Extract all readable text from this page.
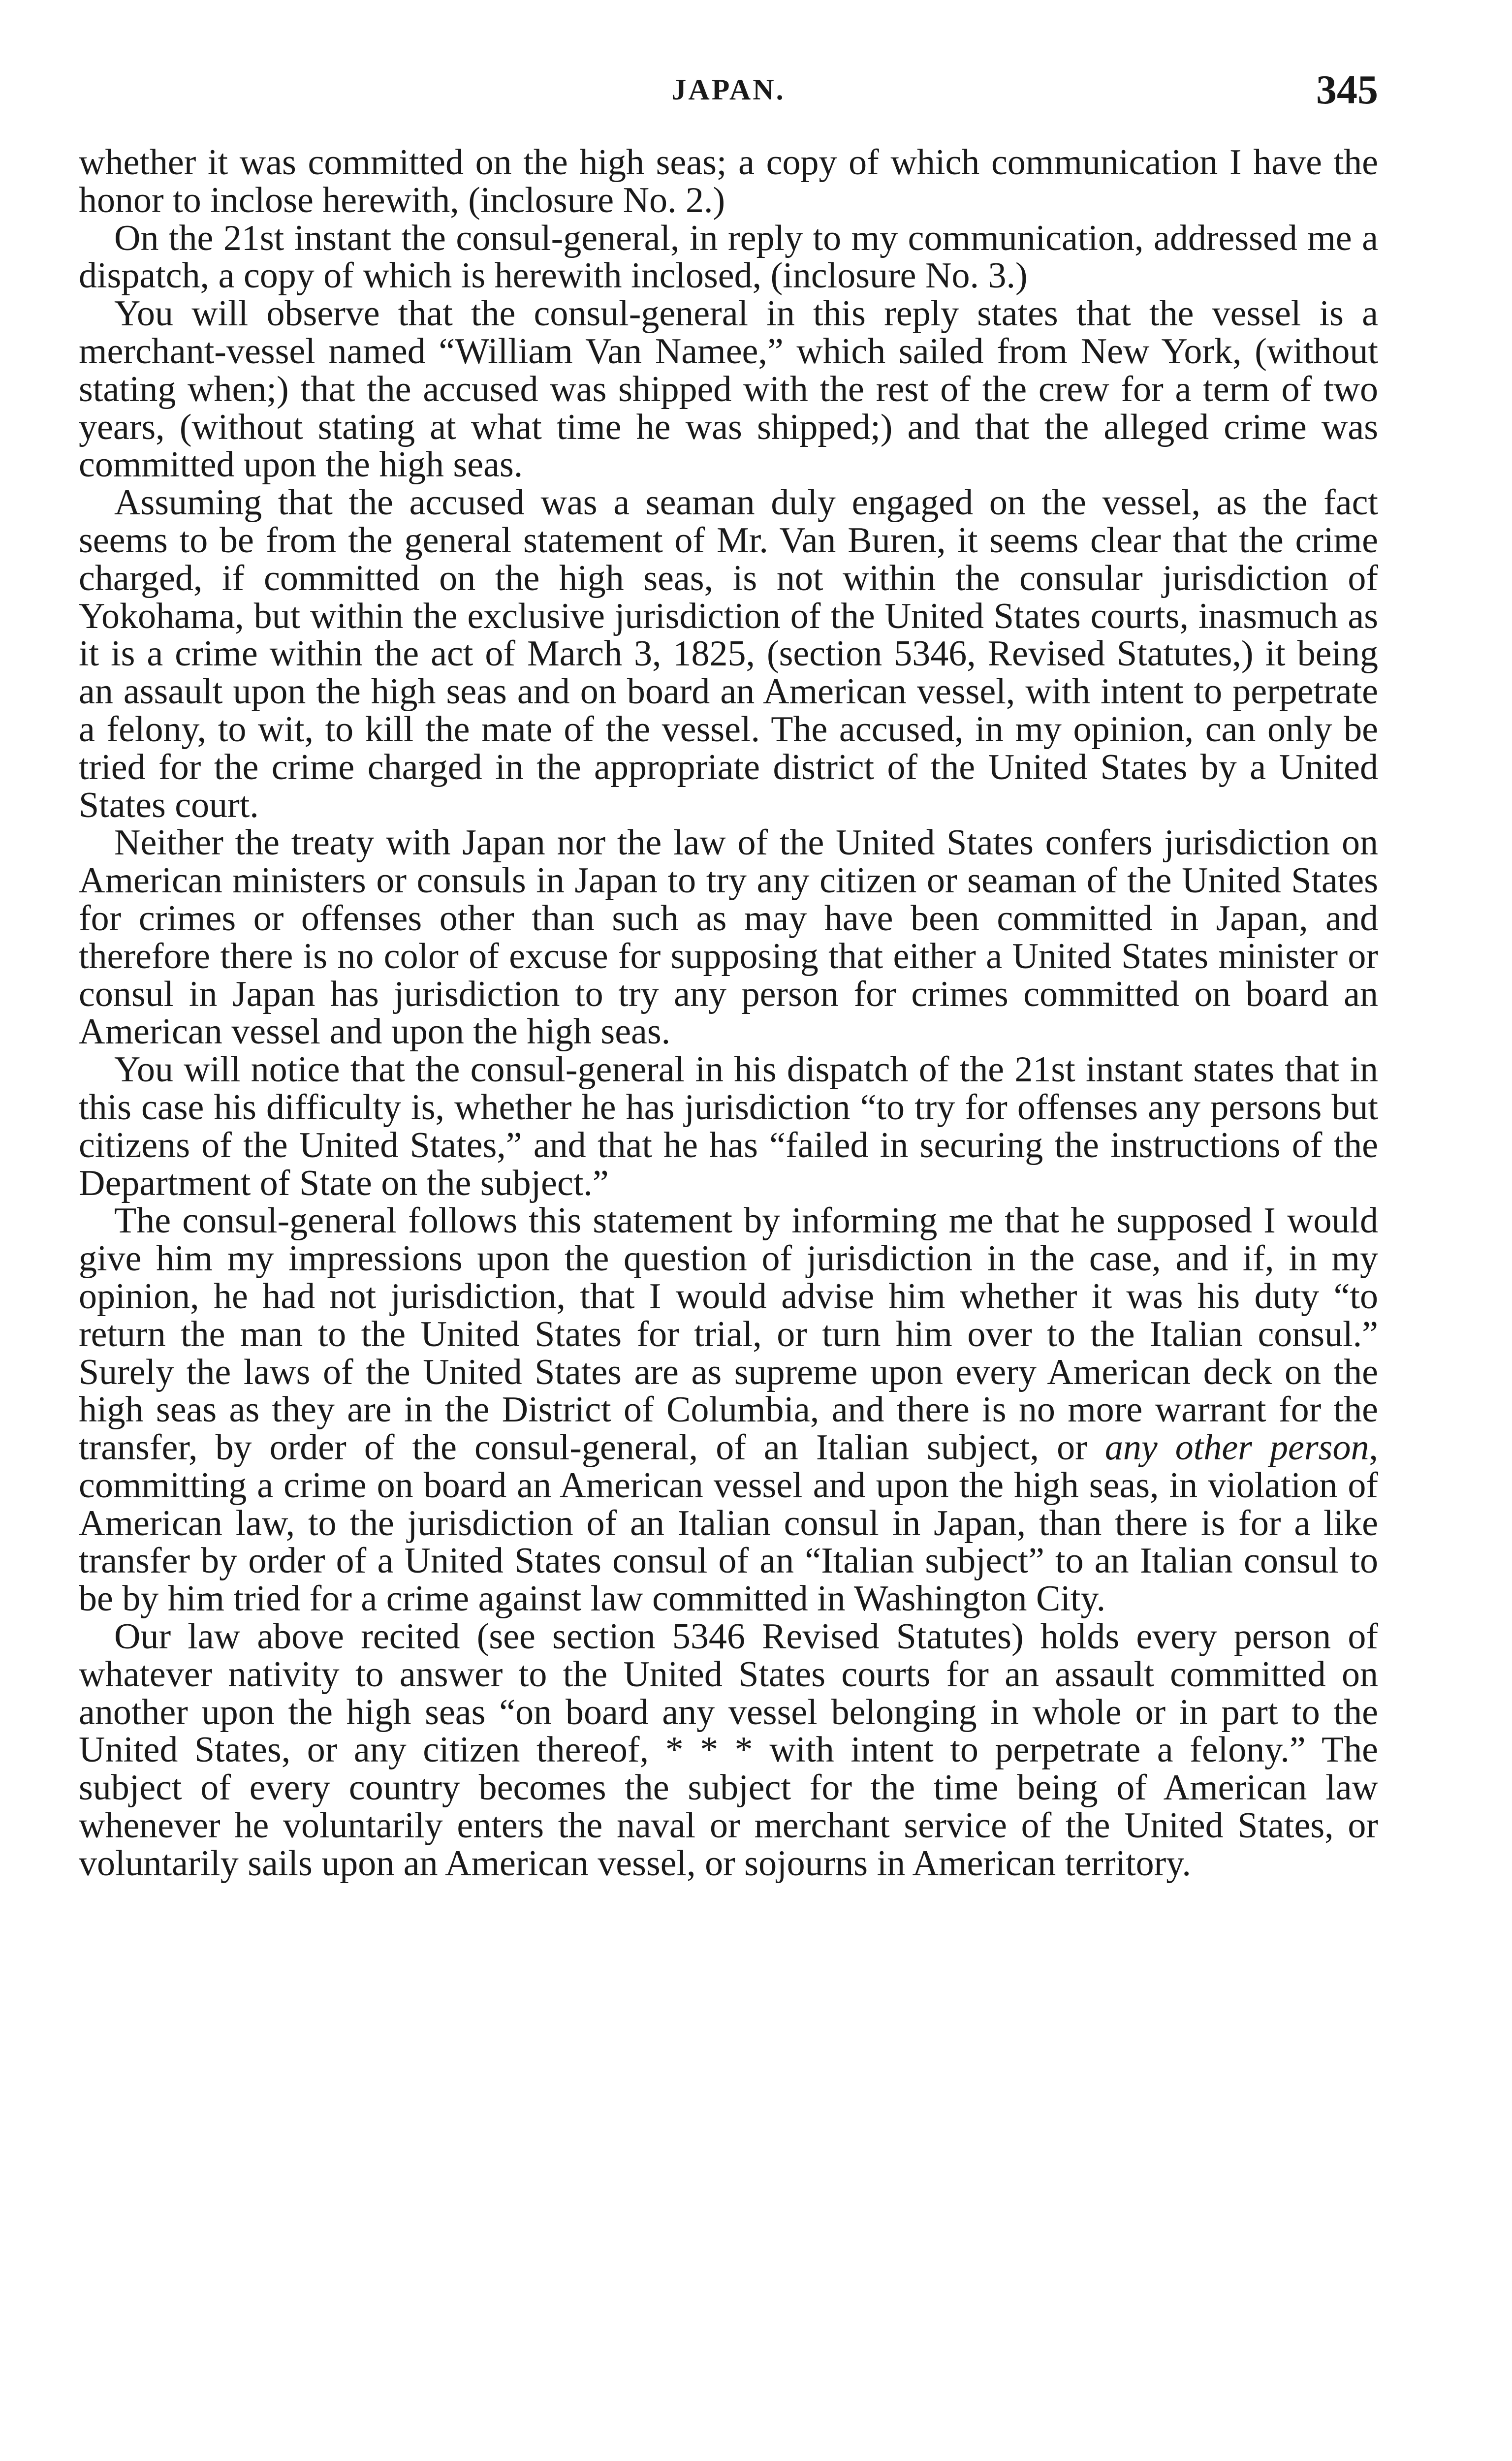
JAPAN.	345

whether it was committed on the high seas; a copy of which communication I have the honor to inclose herewith, (inclosure No. 2.)

On the 21st instant the consul-general, in reply to my communication, addressed me a dispatch, a copy of which is herewith inclosed, (inclosure No. 3.)

You will observe that the consul-general in this reply states that the vessel is a merchant-vessel named “William Van Namee,” which sailed from New York, (without stating when;) that the accused was shipped with the rest of the crew for a term of two years, (without stating at what time he was shipped;) and that the alleged crime was committed upon the high seas.

Assuming that the accused was a seaman duly engaged on the vessel, as the fact seems to be from the general statement of Mr. Van Buren, it seems clear that the crime charged, if committed on the high seas, is not within the consular jurisdiction of Yokohama, but within the exclusive jurisdiction of the United States courts, inasmuch as it is a crime within the act of March 3, 1825, (section 5346, Revised Statutes,) it being an assault upon the high seas and on board an American vessel, with intent to perpetrate a felony, to wit, to kill the mate of the vessel. The accused, in my opinion, can only be tried for the crime charged in the appropriate district of the United States by a United States court.

Neither the treaty with Japan nor the law of the United States confers jurisdiction on American ministers or consuls in Japan to try any citizen or seaman of the United States for crimes or offenses other than such as may have been committed in Japan, and therefore there is no color of excuse for supposing that either a United States minister or consul in Japan has jurisdiction to try any person for crimes committed on board an American vessel and upon the high seas.

You will notice that the consul-general in his dispatch of the 21st instant states that in this case his difficulty is, whether he has jurisdiction “to try for offenses any persons but citizens of the United States,” and that he has “failed in securing the instructions of the Department of State on the subject.”

The consul-general follows this statement by informing me that he supposed I would give him my impressions upon the question of jurisdiction in the case, and if, in my opinion, he had not jurisdiction, that I would advise him whether it was his duty “to return the man to the United States for trial, or turn him over to the Italian consul.” Surely the laws of the United States are as supreme upon every American deck on the high seas as they are in the District of Columbia, and there is no more warrant for the transfer, by order of the consul-general, of an Italian subject, or any other person, committing a crime on board an American vessel and upon the high seas, in violation of American law, to the jurisdiction of an Italian consul in Japan, than there is for a like transfer by order of a United States consul of an “Italian subject” to an Italian consul to be by him tried for a crime against law committed in Washington City.

Our law above recited (see section 5346 Revised Statutes) holds every person of whatever nativity to answer to the United States courts for an assault committed on another upon the high seas “on board any vessel belonging in whole or in part to the United States, or any citizen thereof, * * * with intent to perpetrate a felony.” The subject of every country becomes the subject for the time being of American law whenever he voluntarily enters the naval or merchant service of the United States, or voluntarily sails upon an American vessel, or sojourns in American territory.
